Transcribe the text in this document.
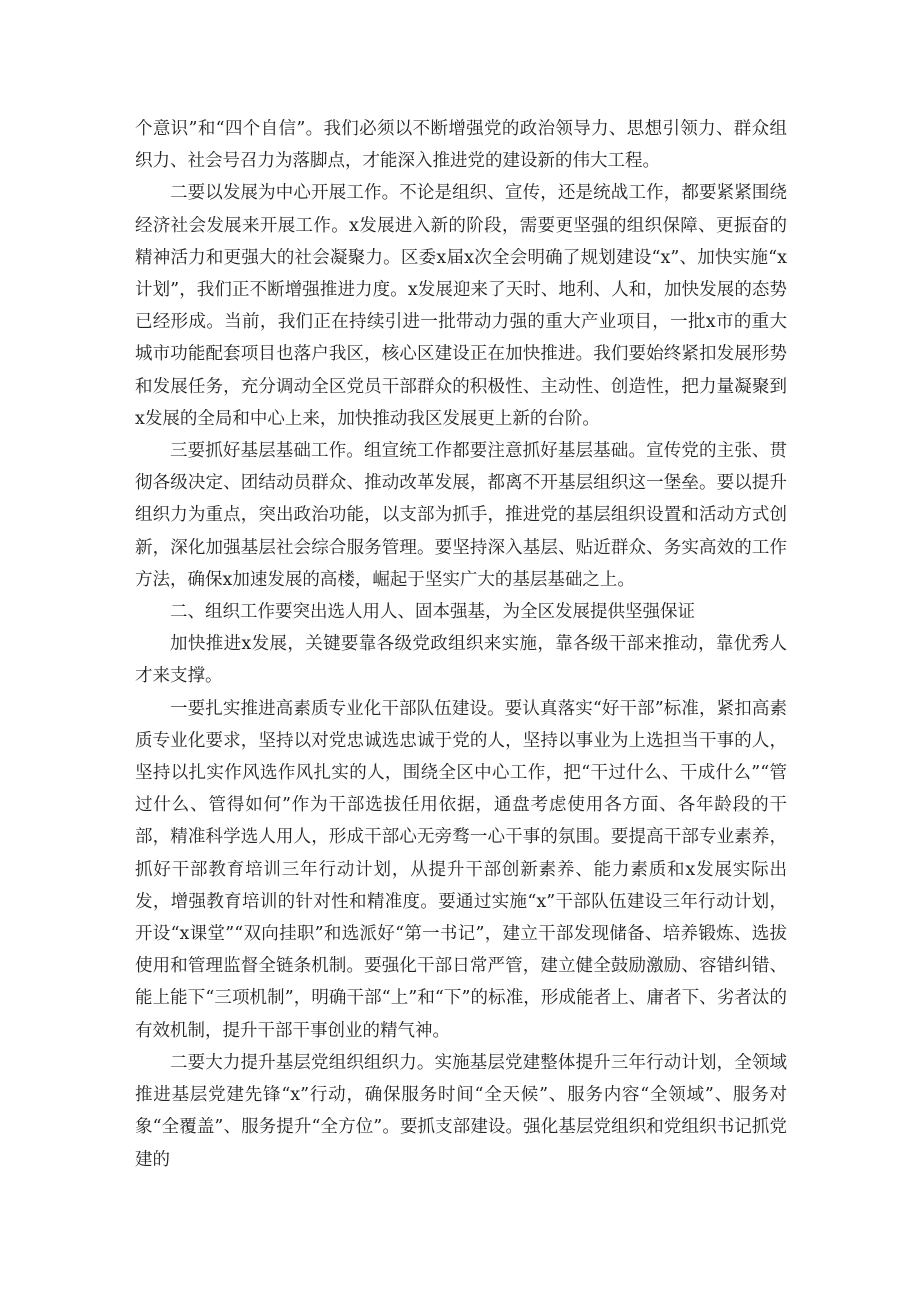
个意识”和“四个自信”。我们必须以不断增强党的政治领导力、思想引领力、群众组织力、社会号召力为落脚点，才能深入推进党的建设新的伟大工程。

二要以发展为中心开展工作。不论是组织、宣传，还是统战工作，都要紧紧围绕经济社会发展来开展工作。x发展进入新的阶段，需要更坚强的组织保障、更振奋的精神活力和更强大的社会凝聚力。区委x届x次全会明确了规划建设“x”、加快实施“x计划”，我们正不断增强推进力度。x发展迎来了天时、地利、人和，加快发展的态势已经形成。当前，我们正在持续引进一批带动力强的重大产业项目，一批x市的重大城市功能配套项目也落户我区，核心区建设正在加快推进。我们要始终紧扣发展形势和发展任务，充分调动全区党员干部群众的积极性、主动性、创造性，把力量凝聚到x发展的全局和中心上来，加快推动我区发展更上新的台阶。

三要抓好基层基础工作。组宣统工作都要注意抓好基层基础。宣传党的主张、贯彻各级决定、团结动员群众、推动改革发展，都离不开基层组织这一堡垒。要以提升组织力为重点，突出政治功能，以支部为抓手，推进党的基层组织设置和活动方式创新，深化加强基层社会综合服务管理。要坚持深入基层、贴近群众、务实高效的工作方法，确保x加速发展的高楼，崛起于坚实广大的基层基础之上。

二、组织工作要突出选人用人、固本强基，为全区发展提供坚强保证

加快推进x发展，关键要靠各级党政组织来实施，靠各级干部来推动，靠优秀人才来支撑。

一要扎实推进高素质专业化干部队伍建设。要认真落实“好干部”标准，紧扣高素质专业化要求，坚持以对党忠诚选忠诚于党的人，坚持以事业为上选担当干事的人，坚持以扎实作风选作风扎实的人，围绕全区中心工作，把“干过什么、干成什么”“管过什么、管得如何”作为干部选拔任用依据，通盘考虑使用各方面、各年龄段的干部，精准科学选人用人，形成干部心无旁骛一心干事的氛围。要提高干部专业素养，抓好干部教育培训三年行动计划，从提升干部创新素养、能力素质和x发展实际出发，增强教育培训的针对性和精准度。要通过实施“x”干部队伍建设三年行动计划，开设“x课堂”“双向挂职”和选派好“第一书记”，建立干部发现储备、培养锻炼、选拔使用和管理监督全链条机制。要强化干部日常严管，建立健全鼓励激励、容错纠错、能上能下“三项机制”，明确干部“上”和“下”的标准，形成能者上、庸者下、劣者汰的有效机制，提升干部干事创业的精气神。

二要大力提升基层党组织组织力。实施基层党建整体提升三年行动计划，全领域推进基层党建先锋“x”行动，确保服务时间“全天候”、服务内容“全领域”、服务对象“全覆盖”、服务提升“全方位”。要抓支部建设。强化基层党组织和党组织书记抓党建的
